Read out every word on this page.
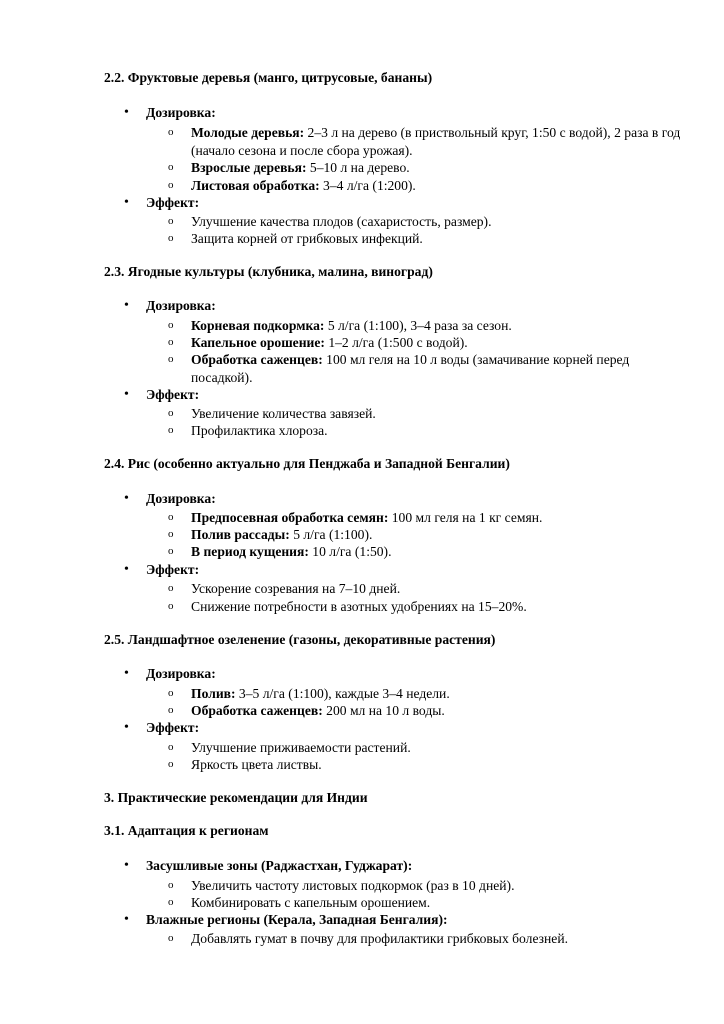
2.2. Фруктовые деревья (манго, цитрусовые, бананы)
• Дозировка:
o Молодые деревья: 2–3 л на дерево (в приствольный круг, 1:50 с водой), 2 раза в год (начало сезона и после сбора урожая).
o Взрослые деревья: 5–10 л на дерево.
o Листовая обработка: 3–4 л/га (1:200).
• Эффект:
o Улучшение качества плодов (сахаристость, размер).
o Защита корней от грибковых инфекций.
2.3. Ягодные культуры (клубника, малина, виноград)
• Дозировка:
o Корневая подкормка: 5 л/га (1:100), 3–4 раза за сезон.
o Капельное орошение: 1–2 л/га (1:500 с водой).
o Обработка саженцев: 100 мл геля на 10 л воды (замачивание корней перед посадкой).
• Эффект:
o Увеличение количества завязей.
o Профилактика хлороза.
2.4. Рис (особенно актуально для Пенджаба и Западной Бенгалии)
• Дозировка:
o Предпосевная обработка семян: 100 мл геля на 1 кг семян.
o Полив рассады: 5 л/га (1:100).
o В период кущения: 10 л/га (1:50).
• Эффект:
o Ускорение созревания на 7–10 дней.
o Снижение потребности в азотных удобрениях на 15–20%.
2.5. Ландшафтное озеленение (газоны, декоративные растения)
• Дозировка:
o Полив: 3–5 л/га (1:100), каждые 3–4 недели.
o Обработка саженцев: 200 мл на 10 л воды.
• Эффект:
o Улучшение приживаемости растений.
o Яркость цвета листвы.
3. Практические рекомендации для Индии
3.1. Адаптация к регионам
• Засушливые зоны (Раджастхан, Гуджарат):
o Увеличить частоту листовых подкормок (раз в 10 дней).
o Комбинировать с капельным орошением.
• Влажные регионы (Керала, Западная Бенгалия):
o Добавлять гумат в почву для профилактики грибковых болезней.
